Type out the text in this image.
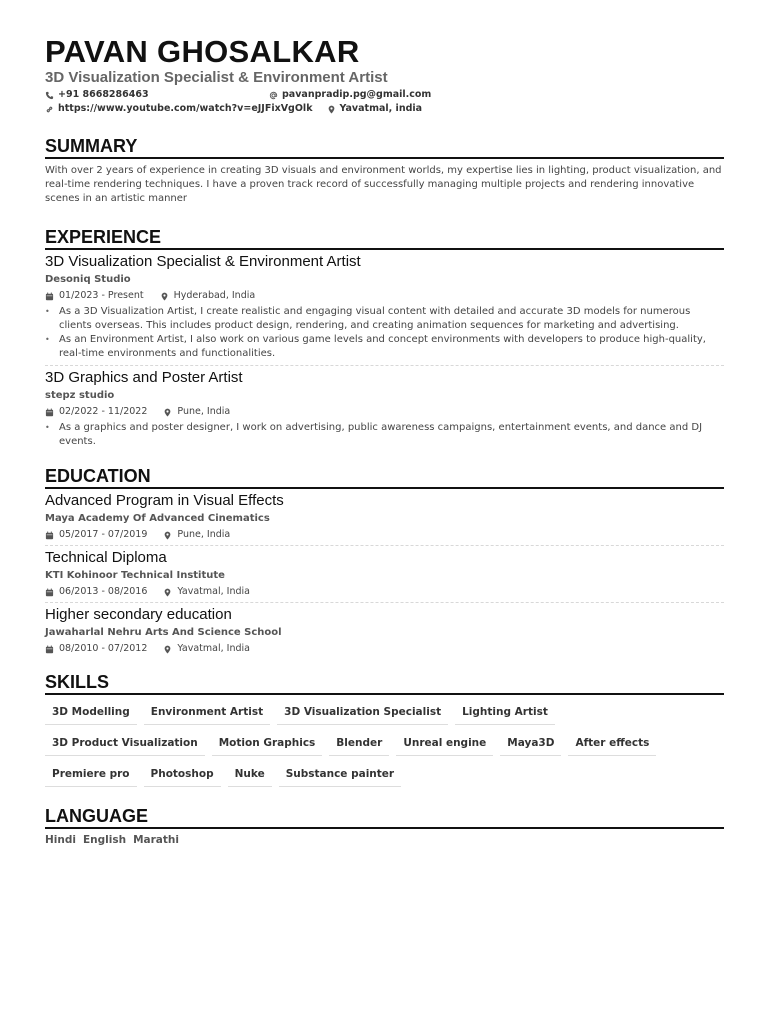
PAVAN GHOSALKAR
3D Visualization Specialist & Environment Artist
+91 8668286463	pavanpradip.pg@gmail.com
https://www.youtube.com/watch?v=eJJFixVgOlk	Yavatmal, india
SUMMARY
With over 2 years of experience in creating 3D visuals and environment worlds, my expertise lies in lighting, product visualization, and real-time rendering techniques. I have a proven track record of successfully managing multiple projects and rendering innovative scenes in an artistic manner
EXPERIENCE
3D Visualization Specialist & Environment Artist
Desoniq Studio
01/2023 - Present	Hyderabad, India
• As a 3D Visualization Artist, I create realistic and engaging visual content with detailed and accurate 3D models for numerous clients overseas. This includes product design, rendering, and creating animation sequences for marketing and advertising.
• As an Environment Artist, I also work on various game levels and concept environments with developers to produce high-quality, real-time environments and functionalities.
3D Graphics and Poster Artist
stepz studio
02/2022 - 11/2022	Pune, India
• As a graphics and poster designer, I work on advertising, public awareness campaigns, entertainment events, and dance and DJ events.
EDUCATION
Advanced Program in Visual Effects
Maya Academy Of Advanced Cinematics
05/2017 - 07/2019	Pune, India
Technical Diploma
KTI Kohinoor Technical Institute
06/2013 - 08/2016	Yavatmal, India
Higher secondary education
Jawaharlal Nehru Arts And Science School
08/2010 - 07/2012	Yavatmal, India
SKILLS
3D Modelling	Environment Artist	3D Visualization Specialist	Lighting Artist
3D Product Visualization	Motion Graphics	Blender	Unreal engine	Maya3D	After effects
Premiere pro	Photoshop	Nuke	Substance painter
LANGUAGE
Hindi English Marathi
